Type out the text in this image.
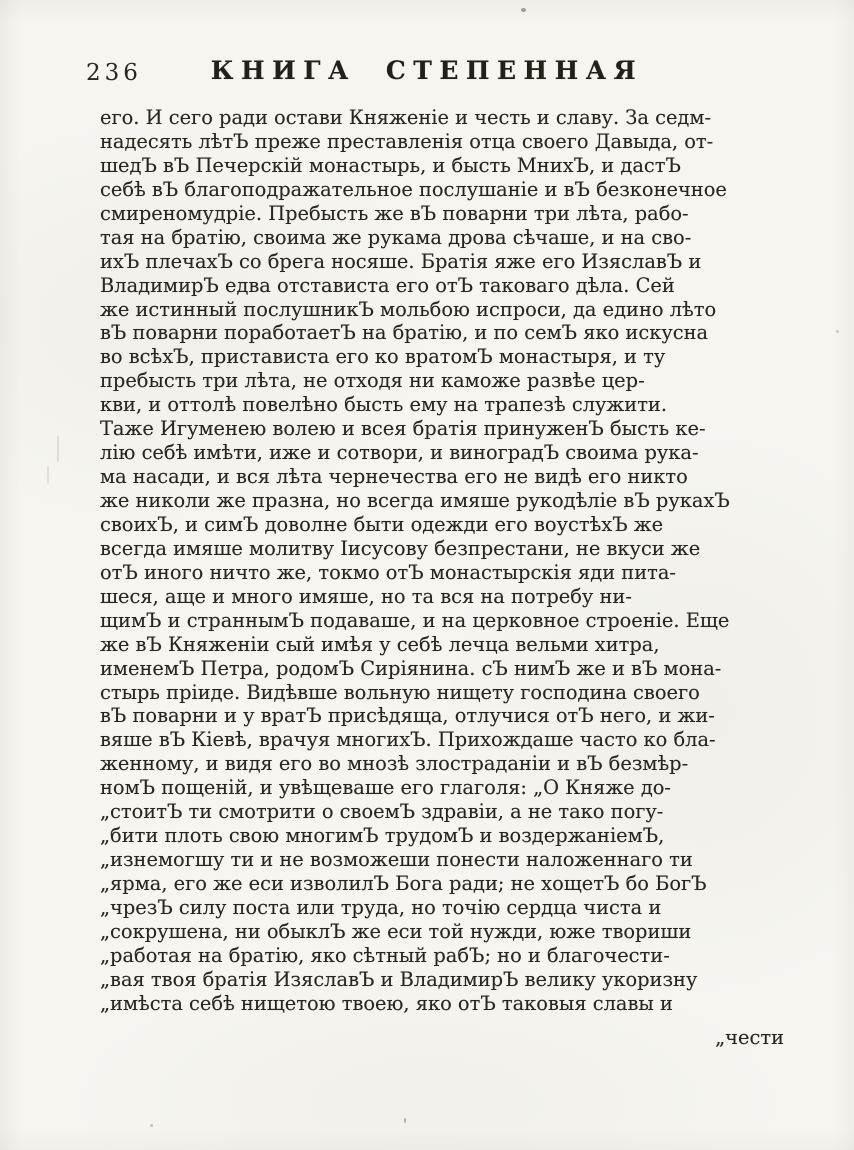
236	КНИГА СТЕПЕННАЯ
его. И сего ради остави Княженіе и честь и славу. За седм-
надесять лѣтЪ преже преставленія отца своего Давыда, от-
шедЪ вЪ Печерскій монастырь, и бысть МнихЪ, и дастЪ
себѣ вЪ благоподражательное послушаніе и вЪ безконечное
смиреномудріе. Пребысть же вЪ поварни три лѣта, рабо-
тая на братію, своима же рукама дрова сѣчаше, и на сво-
ихЪ плечахЪ со брега носяше. Братія яже его ИзяславЪ и
ВладимирЪ едва отстависта его отЪ таковаго дѣла. Сей
же истинный послушникЪ мольбою испроси, да едино лѣто
вЪ поварни поработаетЪ на братію, и по семЪ яко искусна
во всѣхЪ, пристависта его ко вратомЪ монастыря, и ту
пребысть три лѣта, не отходя ни каможе развѣе цер-
кви, и оттолѣ повелѣно бысть ему на трапезѣ служити.
Таже Игуменею волею и всея братія принуженЪ бысть ке-
лію себѣ имѣти, иже и сотвори, и виноградЪ своима рука-
ма насади, и вся лѣта чернечества его не видѣ его никто
же николи же празна, но всегда имяше рукодѣліе вЪ рукахЪ
своихЪ, и симЪ доволне быти одежди его воустѣхЪ же
всегда имяше молитву Іисусову безпрестани, не вкуси же
отЪ иного ничто же, токмо отЪ монастырскія яди пита-
шеся, аще и много имяше, но та вся на потребу ни-
щимЪ и страннымЪ подаваше, и на церковное строеніе. Еще
же вЪ Княженіи сый имѣя у себѣ лечца вельми хитра,
именемЪ Петра, родомЪ Сиріянина. сЪ нимЪ же и вЪ мона-
стырь пріиде. Видѣвше вольную нищету господина своего
вЪ поварни и у вратЪ присѣдяща, отлучися отЪ него, и жи-
вяше вЪ Кіевѣ, врачуя многихЪ. Прихождаше часто ко бла-
женному, и видя его во мнозѣ злостраданіи и вЪ безмѣр-
номЪ пощеній, и увѣщеваше его глаголя: „О Княже до-
„стоитЪ ти смотрити о своемЪ здравіи, а не тако погу-
„бити плоть свою многимЪ трудомЪ и воздержаніемЪ,
„изнемогшу ти и не возможеши понести наложеннаго ти
„ярма, его же еси изволилЪ Бога ради; не хощетЪ бо БогЪ
„чрезЪ силу поста или труда, но точію сердца чиста и
„сокрушена, ни обыклЪ же еси той нужди, юже твориши
„работая на братію, яко сѣтный рабЪ; но и благочести-
„вая твоя братія ИзяславЪ и ВладимирЪ велику укоризну
„имѣста себѣ нищетою твоею, яко отЪ таковыя славы и
„чести
